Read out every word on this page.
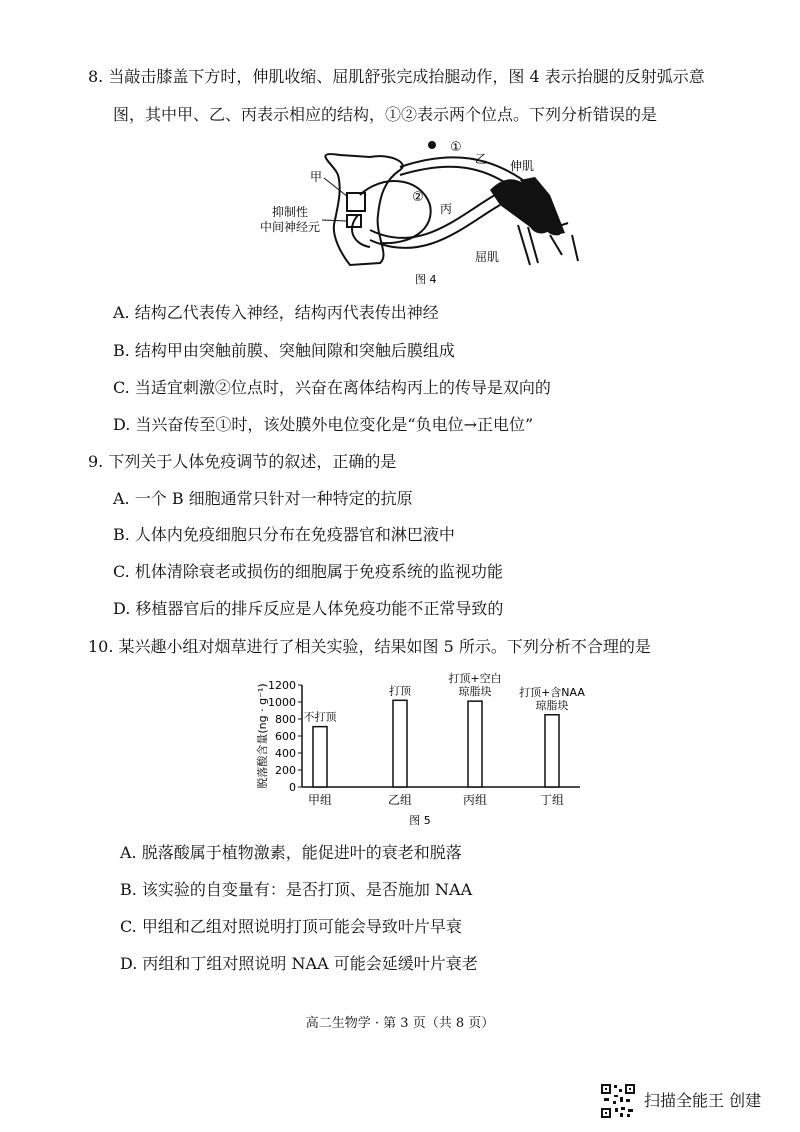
8. 当敲击膝盖下方时，伸肌收缩、屈肌舒张完成抬腿动作，图 4 表示抬腿的反射弧示意
图，其中甲、乙、丙表示相应的结构，①②表示两个位点。下列分析错误的是
甲
抑制性
中间神经元
①
②
乙
丙
伸肌
屈肌
图 4
A. 结构乙代表传入神经，结构丙代表传出神经
B. 结构甲由突触前膜、突触间隙和突触后膜组成
C. 当适宜刺激②位点时，兴奋在离体结构丙上的传导是双向的
D. 当兴奋传至①时，该处膜外电位变化是“负电位→正电位”
9. 下列关于人体免疫调节的叙述，正确的是
A. 一个 B 细胞通常只针对一种特定的抗原
B. 人体内免疫细胞只分布在免疫器官和淋巴液中
C. 机体清除衰老或损伤的细胞属于免疫系统的监视功能
D. 移植器官后的排斥反应是人体免疫功能不正常导致的
10. 某兴趣小组对烟草进行了相关实验，结果如图 5 所示。下列分析不合理的是
0
200
400
600
800
1000
1200
脱落酸含量(ng · g⁻¹)	不打顶
甲组
打顶
乙组
打顶+空白
琼脂块
丙组
打顶+含NAA
琼脂块
丁组
图 5
A. 脱落酸属于植物激素，能促进叶的衰老和脱落
B. 该实验的自变量有：是否打顶、是否施加 NAA
C. 甲组和乙组对照说明打顶可能会导致叶片早衰
D. 丙组和丁组对照说明 NAA 可能会延缓叶片衰老
高二生物学 · 第 3 页（共 8 页）
扫描全能王 创建
